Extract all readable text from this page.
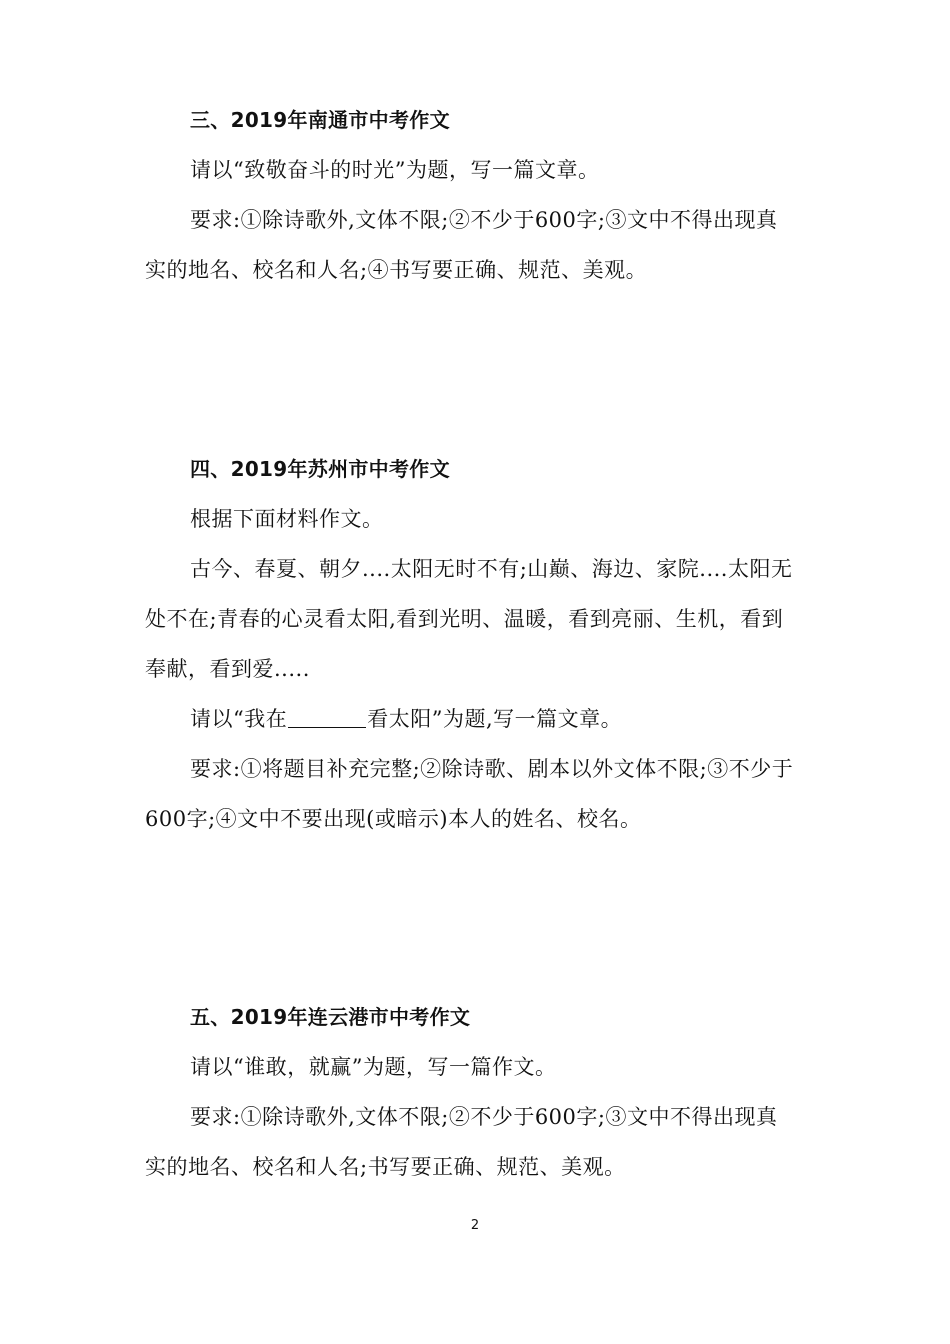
三、2019年南通市中考作文
请以“致敬奋斗的时光”为题，写一篇文章。
要求:①除诗歌外,文体不限;②不少于600字;③文中不得出现真
实的地名、校名和人名;④书写要正确、规范、美观。
四、2019年苏州市中考作文
根据下面材料作文。
古今、春夏、朝夕....太阳无时不有;山巅、海边、家院....太阳无
处不在;青春的心灵看太阳,看到光明、温暖，看到亮丽、生机，看到
奉献，看到爱.....
请以“我在	看太阳”为题,写一篇文章。
要求:①将题目补充完整;②除诗歌、剧本以外文体不限;③不少于
600字;④文中不要出现(或暗示)本人的姓名、校名。
五、2019年连云港市中考作文
请以“谁敢，就赢”为题，写一篇作文。
要求:①除诗歌外,文体不限;②不少于600字;③文中不得出现真
实的地名、校名和人名;书写要正确、规范、美观。
2
